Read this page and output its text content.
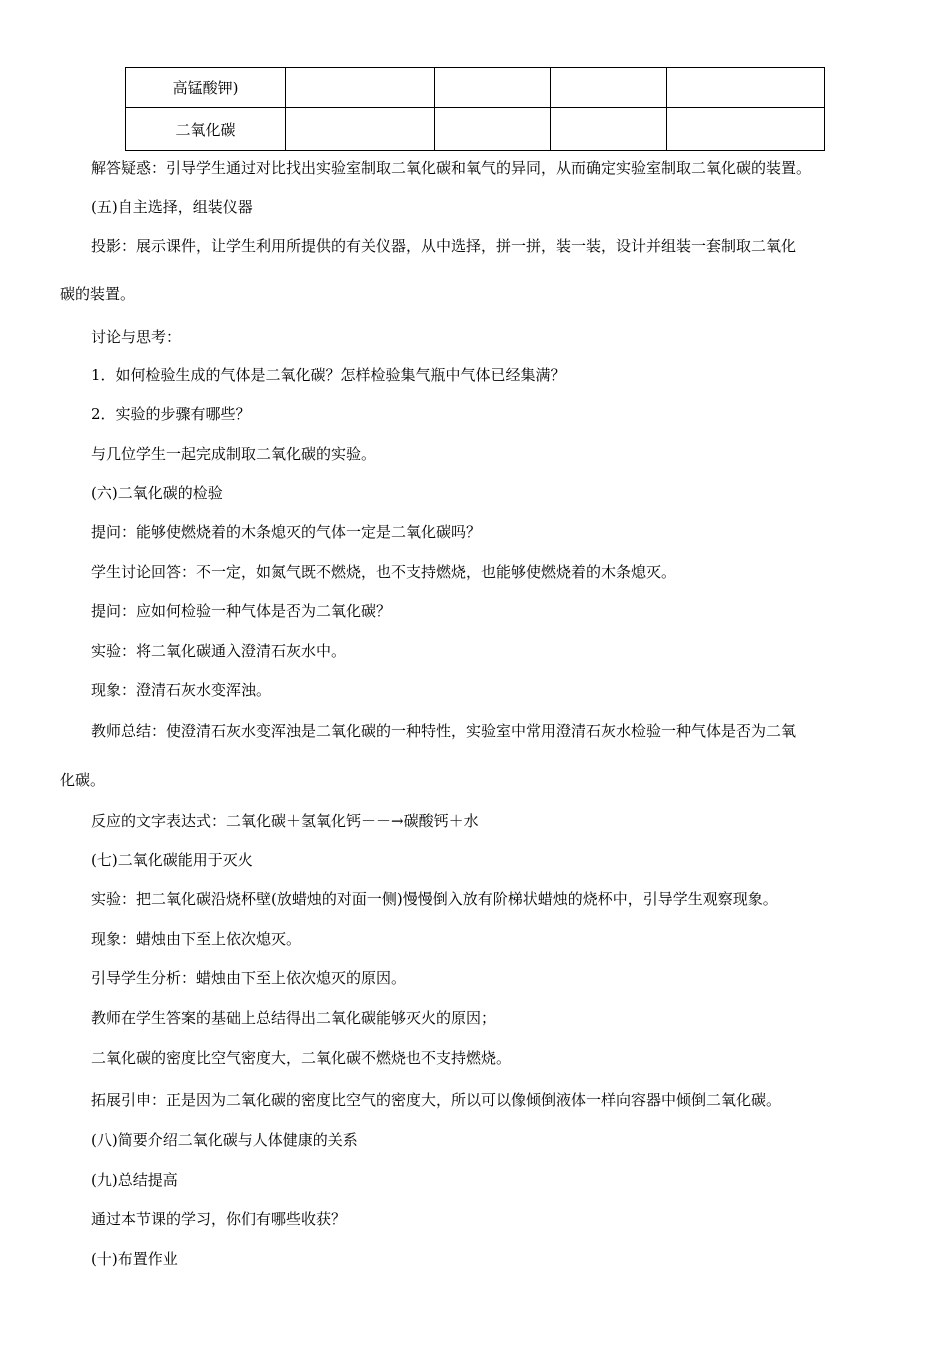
高锰酸钾)				
二氧化碳				
解答疑惑：引导学生通过对比找出实验室制取二氧化碳和氧气的异同，从而确定实验室制取二氧化碳的装置。
(五)自主选择，组装仪器
投影：展示课件，让学生利用所提供的有关仪器，从中选择，拼一拼，装一装，设计并组装一套制取二氧化
碳的装置。
讨论与思考：
1．如何检验生成的气体是二氧化碳？怎样检验集气瓶中气体已经集满？
2．实验的步骤有哪些？
与几位学生一起完成制取二氧化碳的实验。
(六)二氧化碳的检验
提问：能够使燃烧着的木条熄灭的气体一定是二氧化碳吗？
学生讨论回答：不一定，如氮气既不燃烧，也不支持燃烧，也能够使燃烧着的木条熄灭。
提问：应如何检验一种气体是否为二氧化碳？
实验：将二氧化碳通入澄清石灰水中。
现象：澄清石灰水变浑浊。
教师总结：使澄清石灰水变浑浊是二氧化碳的一种特性，实验室中常用澄清石灰水检验一种气体是否为二氧
化碳。
反应的文字表达式：二氧化碳＋氢氧化钙－－→碳酸钙＋水
(七)二氧化碳能用于灭火
实验：把二氧化碳沿烧杯壁(放蜡烛的对面一侧)慢慢倒入放有阶梯状蜡烛的烧杯中，引导学生观察现象。
现象：蜡烛由下至上依次熄灭。
引导学生分析：蜡烛由下至上依次熄灭的原因。
教师在学生答案的基础上总结得出二氧化碳能够灭火的原因；
二氧化碳的密度比空气密度大，二氧化碳不燃烧也不支持燃烧。
拓展引申：正是因为二氧化碳的密度比空气的密度大，所以可以像倾倒液体一样向容器中倾倒二氧化碳。
(八)简要介绍二氧化碳与人体健康的关系
(九)总结提高
通过本节课的学习，你们有哪些收获？
(十)布置作业
